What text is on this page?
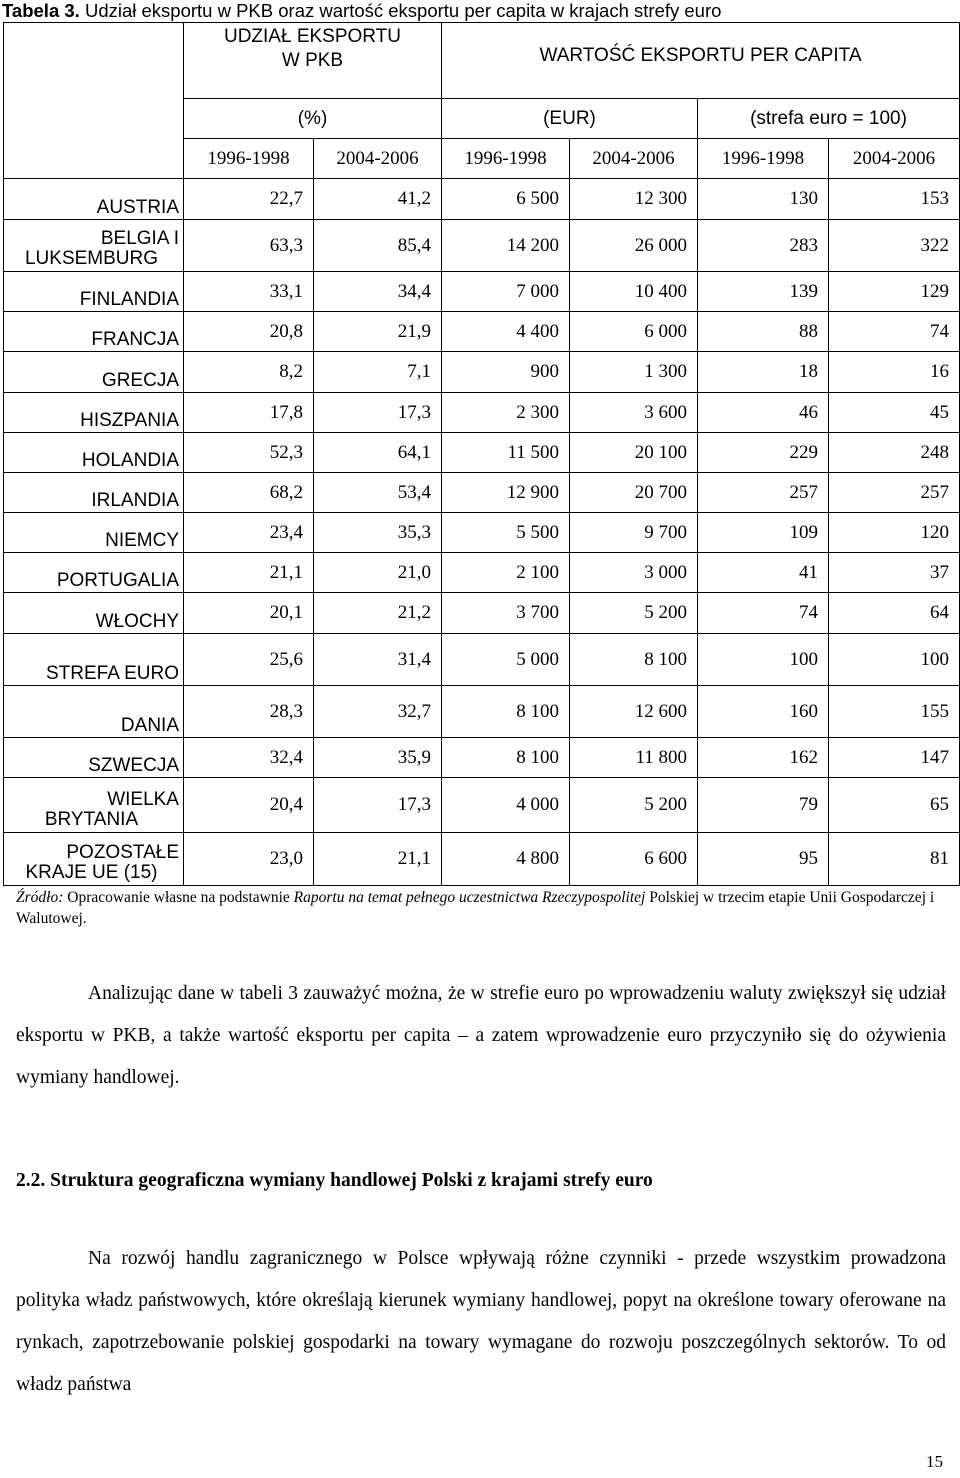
Tabela 3. Udział eksportu w PKB oraz wartość eksportu per capita w krajach strefy euro
	UDZIAŁ EKSPORTU
W PKB		WARTOŚĆ EKSPORTU PER CAPITA			
	(%)		(EUR)		(strefa euro = 100)	
	1996-1998	2004-2006	1996-1998	2004-2006	1996-1998	2004-2006
AUSTRIA	22,7	41,2	6 500	12 300	130	153

BELGIA I
LUKSEMBURG	63,3	85,4	14 200	26 000	283	322
FINLANDIA	33,1	34,4	7 000	10 400	139	129
FRANCJA	20,8	21,9	4 400	6 000	88	74
GRECJA	8,2	7,1	900	1 300	18	16
HISZPANIA	17,8	17,3	2 300	3 600	46	45
HOLANDIA	52,3	64,1	11 500	20 100	229	248
IRLANDIA	68,2	53,4	12 900	20 700	257	257
NIEMCY	23,4	35,3	5 500	9 700	109	120
PORTUGALIA	21,1	21,0	2 100	3 000	41	37
WŁOCHY	20,1	21,2	3 700	5 200	74	64
STREFA EURO	25,6	31,4	5 000	8 100	100	100
DANIA	28,3	32,7	8 100	12 600	160	155
SZWECJA	32,4	35,9	8 100	11 800	162	147

WIELKA
BRYTANIA	20,4	17,3	4 000	5 200	79	65

POZOSTAŁE
KRAJE UE (15)	23,0	21,1	4 800	6 600	95	81
Źródło: Opracowanie własne na podstawnie Raportu na temat pełnego uczestnictwa Rzeczypospolitej Polskiej w trzecim etapie Unii Gospodarczej i Walutowej.
Analizując dane w tabeli 3 zauważyć można, że w strefie euro po wprowadzeniu waluty zwiększył się udział eksportu w PKB, a także wartość eksportu per capita – a zatem wprowadzenie euro przyczyniło się do ożywienia wymiany handlowej.
2.2. Struktura geograficzna wymiany handlowej Polski z krajami strefy euro
Na rozwój handlu zagranicznego w Polsce wpływają różne czynniki - przede wszystkim prowadzona polityka władz państwowych, które określają kierunek wymiany handlowej, popyt na określone towary oferowane na rynkach, zapotrzebowanie polskiej gospodarki na towary wymagane do rozwoju poszczególnych sektorów. To od władz państwa
15
